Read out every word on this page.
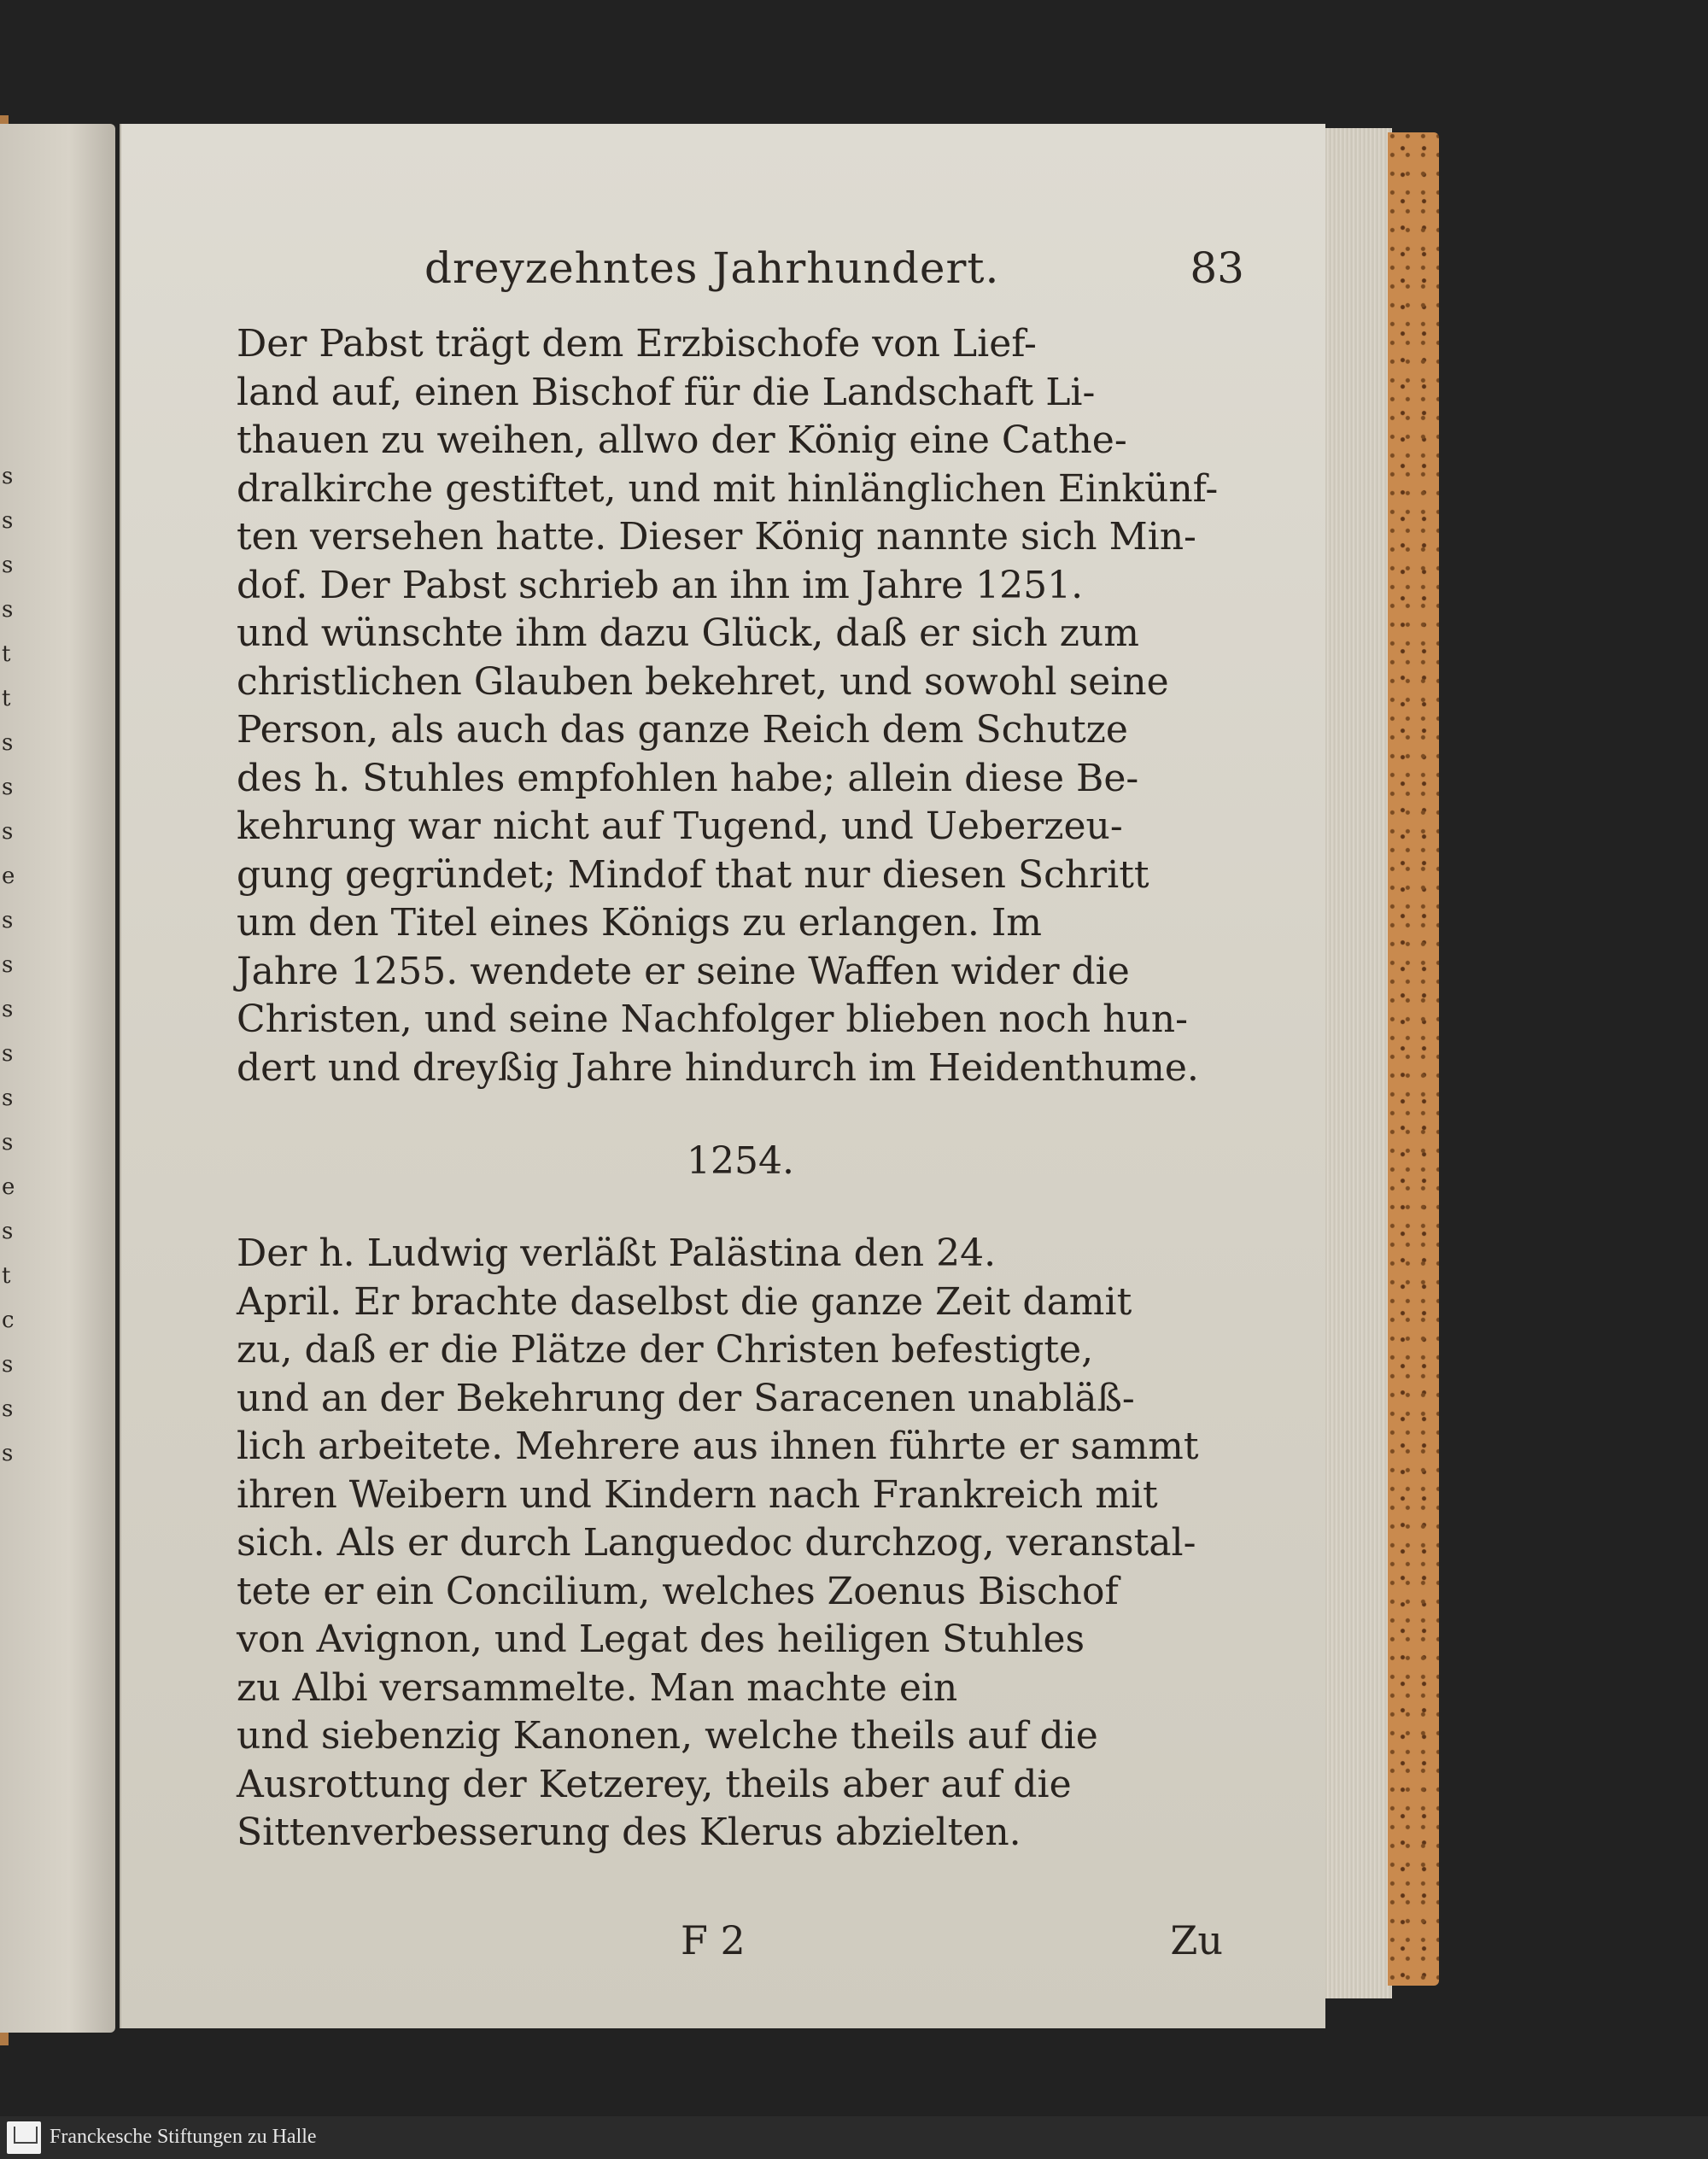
s
s
s
s
t
t
s
s
s
e
s
s
s
s
s
s
e
s
t
c
s
s
s
dreyzehntes Jahrhundert.	83

Der Pabst trägt dem Erzbischofe von Lief-
land auf, einen Bischof für die Landschaft Li-
thauen zu weihen, allwo der König eine Cathe-
dralkirche gestiftet, und mit hinlänglichen Einkünf-
ten versehen hatte. Dieser König nannte sich Min-
dof. Der Pabst schrieb an ihn im Jahre 1251.
und wünschte ihm dazu Glück, daß er sich zum
christlichen Glauben bekehret, und sowohl seine
Person, als auch das ganze Reich dem Schutze
des h. Stuhles empfohlen habe; allein diese Be-
kehrung war nicht auf Tugend, und Ueberzeu-
gung gegründet; Mindof that nur diesen Schritt
um den Titel eines Königs zu erlangen. Im
Jahre 1255. wendete er seine Waffen wider die
Christen, und seine Nachfolger blieben noch hun-
dert und dreyßig Jahre hindurch im Heidenthume.

1254.

Der h. Ludwig verläßt Palästina den 24.
April. Er brachte daselbst die ganze Zeit damit
zu, daß er die Plätze der Christen befestigte,
und an der Bekehrung der Saracenen unabläß-
lich arbeitete. Mehrere aus ihnen führte er sammt
ihren Weibern und Kindern nach Frankreich mit
sich. Als er durch Languedoc durchzog, veranstal-
tete er ein Concilium, welches Zoenus Bischof
von Avignon, und Legat des heiligen Stuhles
zu Albi versammelte. Man machte ein
und siebenzig Kanonen, welche theils auf die
Ausrottung der Ketzerey, theils aber auf die
Sittenverbesserung des Klerus abzielten.

F 2	Zu
Franckesche Stiftungen zu Halle
